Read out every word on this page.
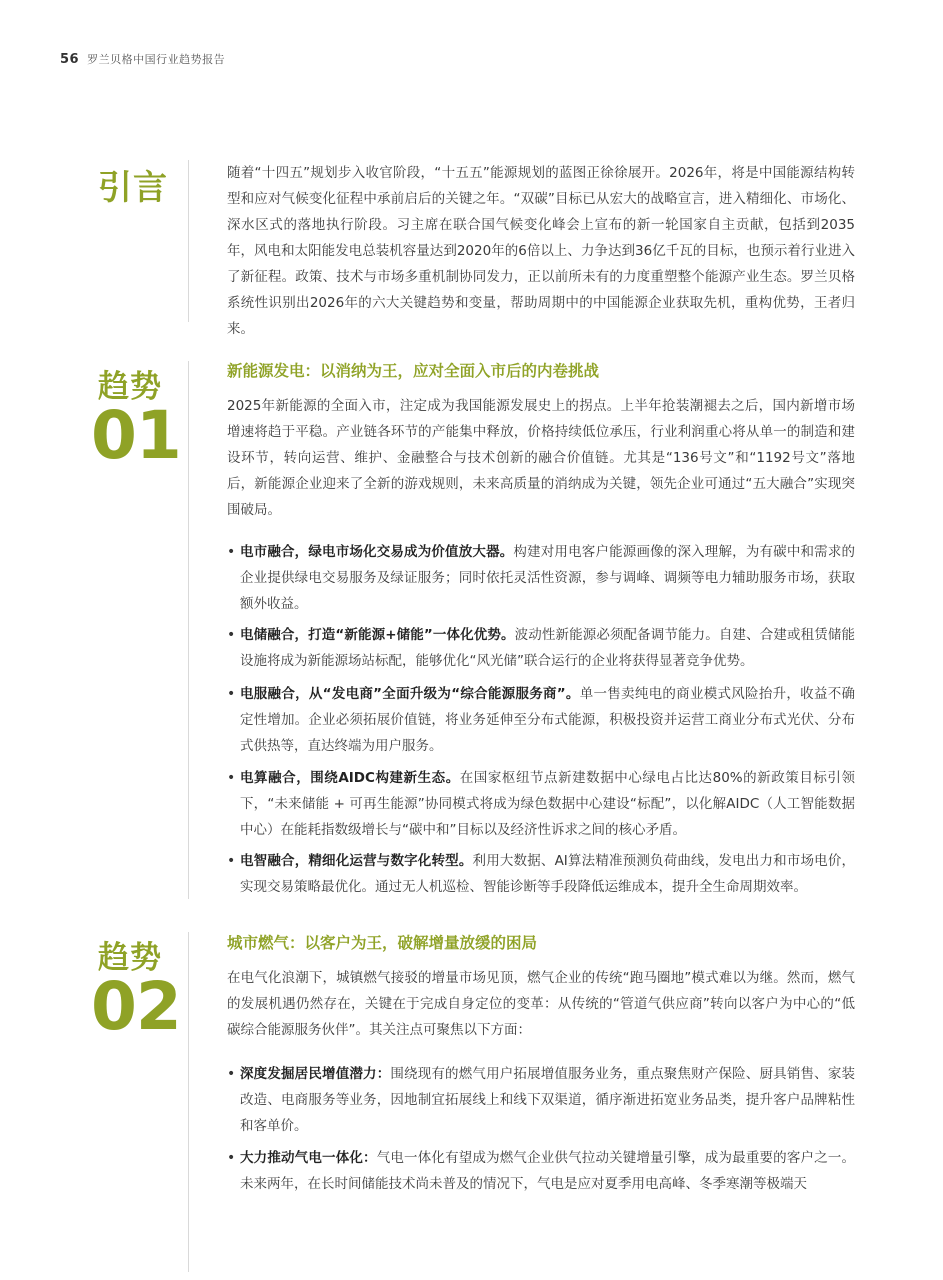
56 罗兰贝格中国行业趋势报告
引言	随着“十四五”规划步入收官阶段，“十五五”能源规划的蓝图正徐徐展开。2026年，将是中国能源结构转型和应对气候变化征程中承前启后的关键之年。“双碳”目标已从宏大的战略宣言，进入精细化、市场化、深水区式的落地执行阶段。习主席在联合国气候变化峰会上宣布的新一轮国家自主贡献，包括到2035年，风电和太阳能发电总装机容量达到2020年的6倍以上、力争达到36亿千瓦的目标，也预示着行业进入了新征程。政策、技术与市场多重机制协同发力，正以前所未有的力度重塑整个能源产业生态。罗兰贝格系统性识别出2026年的六大关键趋势和变量，帮助周期中的中国能源企业获取先机，重构优势，王者归来。

趋势
01
新能源发电：以消纳为王，应对全面入市后的内卷挑战

2025年新能源的全面入市，注定成为我国能源发展史上的拐点。上半年抢装潮褪去之后，国内新增市场增速将趋于平稳。产业链各环节的产能集中释放，价格持续低位承压，行业利润重心将从单一的制造和建设环节，转向运营、维护、金融整合与技术创新的融合价值链。尤其是“136号文”和“1192号文”落地后，新能源企业迎来了全新的游戏规则，未来高质量的消纳成为关键，领先企业可通过“五大融合”实现突围破局。

• 电市融合，绿电市场化交易成为价值放大器。构建对用电客户能源画像的深入理解，为有碳中和需求的企业提供绿电交易服务及绿证服务；同时依托灵活性资源，参与调峰、调频等电力辅助服务市场，获取额外收益。
• 电储融合，打造“新能源+储能”一体化优势。波动性新能源必须配备调节能力。自建、合建或租赁储能设施将成为新能源场站标配，能够优化“风光储”联合运行的企业将获得显著竞争优势。
• 电服融合，从“发电商”全面升级为“综合能源服务商”。单一售卖纯电的商业模式风险抬升，收益不确定性增加。企业必须拓展价值链，将业务延伸至分布式能源，积极投资并运营工商业分布式光伏、分布式供热等，直达终端为用户服务。
• 电算融合，围绕AIDC构建新生态。在国家枢纽节点新建数据中心绿电占比达80%的新政策目标引领下，“未来储能 + 可再生能源”协同模式将成为绿色数据中心建设“标配”，以化解AIDC（人工智能数据中心）在能耗指数级增长与“碳中和”目标以及经济性诉求之间的核心矛盾。
• 电智融合，精细化运营与数字化转型。利用大数据、AI算法精准预测负荷曲线，发电出力和市场电价，实现交易策略最优化。通过无人机巡检、智能诊断等手段降低运维成本，提升全生命周期效率。
趋势
02
城市燃气：以客户为王，破解增量放缓的困局

在电气化浪潮下，城镇燃气接驳的增量市场见顶，燃气企业的传统“跑马圈地”模式难以为继。然而，燃气的发展机遇仍然存在，关键在于完成自身定位的变革：从传统的“管道气供应商”转向以客户为中心的“低碳综合能源服务伙伴”。其关注点可聚焦以下方面：

• 深度发掘居民增值潜力：围绕现有的燃气用户拓展增值服务业务，重点聚焦财产保险、厨具销售、家装改造、电商服务等业务，因地制宜拓展线上和线下双渠道，循序渐进拓宽业务品类，提升客户品牌粘性和客单价。
• 大力推动气电一体化：气电一体化有望成为燃气企业供气拉动关键增量引擎，成为最重要的客户之一。未来两年，在长时间储能技术尚未普及的情况下，气电是应对夏季用电高峰、冬季寒潮等极端天
